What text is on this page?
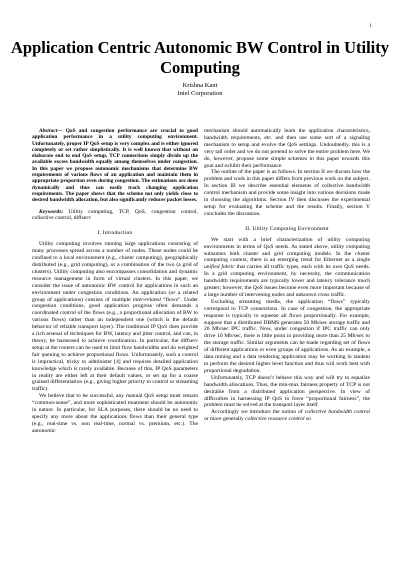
1
Application Centric Autonomic BW Control in Utility Computing
Krishna Kant
Intel Corporation

Abstract— QoS and congestion performance are crucial to good application performance in a utility computing environment. Unfortunately, proper IP QoS setup is very complex and is either ignored completely or set rather simplistically. It is well known that without an elaborate end to end QoS setup, TCP connections simply divide up the available excess bandwidth equally among themselves under congestion. In this paper we propose autonomic mechanisms that determine BW requirements of various flows of an application and maintain them in appropriate proportion even during congestion. The estimations are done dynamically and thus can easily track changing application requirements. The paper shows that the scheme not only yields close to desired bandwidth allocation, but also significantly reduces packet losses.

Keywords: Utility computing, TCP, QoS, congestion control, collective control, diffserv

I. Introduction

Utility computing involves running large applications consisting of many processes spread across a number of nodes. These nodes could be confined to a local environment (e.g., cluster computing), geographically distributed (e.g., grid computing), or a combination of the two (a grid of clusters). Utility computing also encompasses consolidation and dynamic resource management in form of virtual clusters. In this paper, we consider the issue of autonomic BW control for applications in such an environment under congestion conditions. An application (or a related group of applications) consists of multiple inter-related “flows”. Under congestion conditions, good application progress often demands a coordinated control of the flows (e.g., a proportional allocation of BW to various flows) rather than an independent one (which is the default behavior of reliable transport layer). The traditional IP QoS does provide a rich arsenal of techniques for BW, latency and jitter control, and can, in theory, be harnessed to achieve coordination. In particular, the diffserv setup at the routers can be used to limit flow bandwidths and do weighted fair queuing to achieve proportional flows. Unfortunately, such a control is impractical, tricky to administer [4] and requires detailed application knowledge which is rarely available. Because of this, IP QoS parameters in reality are either left at their default values, or set up for a coarse grained differentiation (e.g., giving higher priority to control or streaming traffic).

We believe that to be successful, any manual QoS setup must remain “common-sense”, and more sophisticated treatment should be autonomic in nature. In particular, for SLA purposes, there should be no need to specify any more about the applications flows than their general type (e.g., real-time vs. non real-time, normal vs. premium, etc.). The autonomic

mechanism should automatically learn the application characteristics, bandwidth requirements, etc. and then use some sort of a signaling mechanism to setup and evolve the QoS settings. Undoubtedly, this is a very tall order and we do not pretend to solve the entire problem here. We do, however, propose some simple schemes in this paper towards this goal and exhibit their performance.

The outline of the paper is as follows. In section II we discuss how the problem and work in this paper differs from previous work on the subject. In section III we describe essential elements of collective bandwidth control mechanism and provide some insight into various decisions made in choosing the algorithms. Section IV then discusses the experimental setup for evaluating the scheme and the results. Finally, section V concludes the discussion.

II. Utility Computing Environment

We start with a brief characterization of utility computing environments in terms of QoS needs. As stated above, utility computing subsumes both cluster and grid computing models. In the cluster computing context, there is an emerging trend for Ethernet as a single unified fabric that carries all traffic types, each with its own QoS needs. In a grid computing environment, by necessity, the communication bandwidth requirements are typically lower and latency tolerance much greater; however, the QoS issues become even more important because of a large number of intervening nodes and unknown cross traffic.

Excluding streaming media, the application “flows” typically correspond to TCP connections. In case of congestion, the appropriate response is typically to squeeze all flows proportionally. For example, suppose that a distributed DBMS generates 50 Mb/sec storage traffic and 20 Mb/sec IPC traffic. Now, under congestion if IPC traffic can only drive 10 Mb/sec, there is little point in providing more than 25 Mb/sec to the storage traffic. Similar arguments can be made regarding set of flows of different applications or even groups of applications. As an example, a data mining and a data rendering application may be working in tandem to perform the desired higher level function and thus will work best with proportional degradation.

Unfortunately, TCP doesn’t behave this way and will try to equalize bandwidth allocations. Thus, the min-max fairness property of TCP is not desirable from a distributed application perspective. In view of difficulties in harnessing IP QoS to force “proportional fairness”, the problem must be solved at the transport layer itself.

Accordingly we introduce the notion of collective bandwidth control or more generally collective resource control so
